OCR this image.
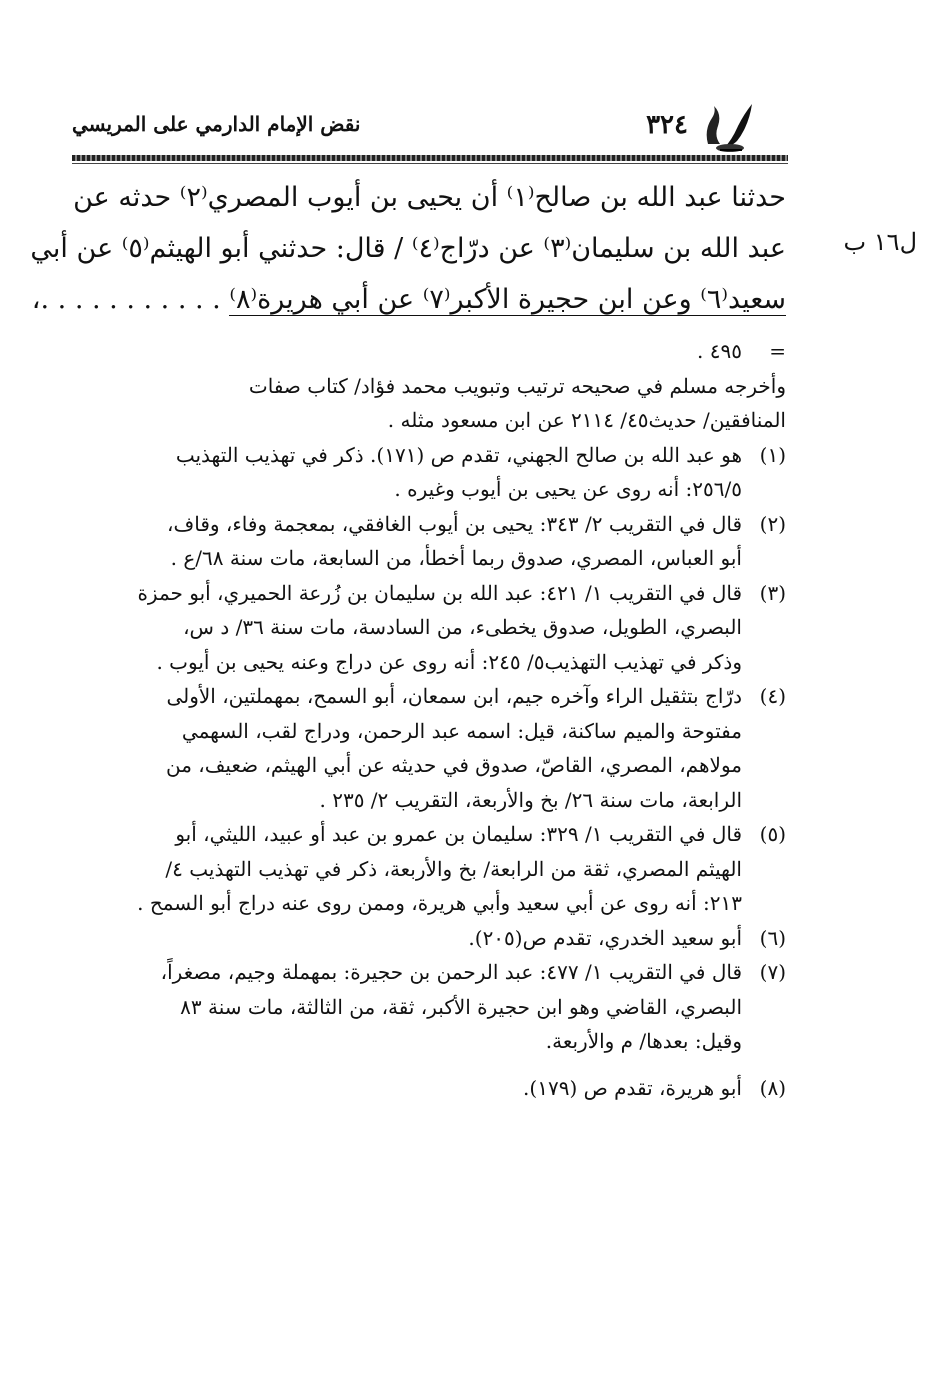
٣٢٤
نقض الإمام الدارمي على المريسي
ل١٦ ب
حدثنا عبد الله بن صالح⁽١⁾ أن يحيى بن أيوب المصري⁽٢⁾ حدثه عن
عبد الله بن سليمان⁽٣⁾ عن درّاج⁽٤⁾ / قال: حدثني أبو الهيثم⁽٥⁾ عن أبي
سعيد⁽٦⁾ وعن ابن حجيرة الأكبر⁽٧⁾ عن أبي هريرة⁽٨⁾ . . . . . . . . . . .،
=
٤٩٥ .
وأخرجه مسلم في صحيحه ترتيب وتبويب محمد فؤاد/ كتاب صفات
المنافقين/ حديث٤٥/ ٢١١٤ عن ابن مسعود مثله .
(١)
هو عبد الله بن صالح الجهني، تقدم ص (١٧١). ذكر في تهذيب التهذيب
٢٥٦/٥: أنه روى عن يحيى بن أيوب وغيره .
(٢)
قال في التقريب ٢/ ٣٤٣: يحيى بن أيوب الغافقي، بمعجمة وفاء، وقاف،
أبو العباس، المصري، صدوق ربما أخطأ، من السابعة، مات سنة ٦٨/ع .
(٣)
قال في التقريب ١/ ٤٢١: عبد الله بن سليمان بن زُرعة الحميري، أبو حمزة
البصري، الطويل، صدوق يخطىء، من السادسة، مات سنة ٣٦/ د س،
وذكر في تهذيب التهذيب٥/ ٢٤٥: أنه روى عن دراج وعنه يحيى بن أيوب .
(٤)
درّاج بتثقيل الراء وآخره جيم، ابن سمعان، أبو السمح، بمهملتين، الأولى
مفتوحة والميم ساكنة، قيل: اسمه عبد الرحمن، ودراج لقب، السهمي
مولاهم، المصري، القاصّ، صدوق في حديثه عن أبي الهيثم، ضعيف، من
الرابعة، مات سنة ٢٦/ بخ والأربعة، التقريب ٢/ ٢٣٥ .
(٥)
قال في التقريب ١/ ٣٢٩: سليمان بن عمرو بن عبد أو عبيد، الليثي، أبو
الهيثم المصري، ثقة من الرابعة/ بخ والأربعة، ذكر في تهذيب التهذيب ٤/
٢١٣: أنه روى عن أبي سعيد وأبي هريرة، وممن روى عنه دراج أبو السمح .
(٦)
أبو سعيد الخدري، تقدم ص(٢٠٥).
(٧)
قال في التقريب ١/ ٤٧٧: عبد الرحمن بن حجيرة: بمهملة وجيم، مصغراً،
البصري، القاضي وهو ابن حجيرة الأكبر، ثقة، من الثالثة، مات سنة ٨٣
وقيل: بعدها/ م والأربعة.
(٨)
أبو هريرة، تقدم ص (١٧٩).
